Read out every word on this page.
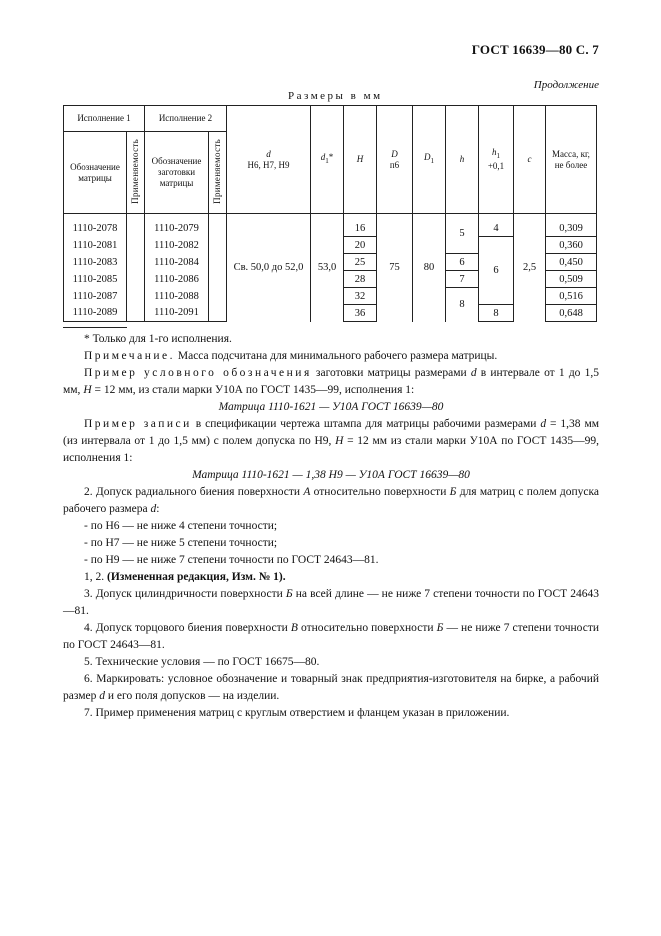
ГОСТ 16639—80 С. 7
Продолжение
Размеры в мм
Исполнение 1		Исполнение 2		d
Н6, Н7, Н9	$d_1*$	Н	D
п6	$D_1$	h	$h_1$
+0,1	с	Масса, кг, не более
Обозначение матрицы	Применяемость	Обозначение заготовки матрицы	Применяемость									
1110-2078		1110-2079		Св. 50,0 до 52,0	53,0	16	75	80	5	4	2,5	0,309
1110-2081		1110-2082				20				6		0,360
1110-2083		1110-2084				25			6			0,450
1110-2085		1110-2086				28			7			0,509
1110-2087		1110-2088				32			8			0,516
1110-2089		1110-2091				36				8		0,648

* Только для 1-го исполнения.

Примечание. Масса подсчитана для минимального рабочего размера матрицы.

Пример условного обозначения заготовки матрицы размерами d в интервале от 1 до 1,5 мм, Н = 12 мм, из стали марки У10А по ГОСТ 1435—99, исполнения 1:

Матрица 1110-1621 — У10А ГОСТ 16639—80

Пример записи в спецификации чертежа штампа для матрицы рабочими размерами d = 1,38 мм (из интервала от 1 до 1,5 мм) с полем допуска по Н9, Н = 12 мм из стали марки У10А по ГОСТ 1435—99, исполнения 1:

Матрица 1110-1621 — 1,38 Н9 — У10А ГОСТ 16639—80

2. Допуск радиального биения поверхности А относительно поверхности Б для матриц с полем допуска рабочего размера d:

- по Н6 — не ниже 4 степени точности;

- по Н7 — не ниже 5 степени точности;

- по Н9 — не ниже 7 степени точности по ГОСТ 24643—81.

1, 2. (Измененная редакция, Изм. № 1).

3. Допуск цилиндричности поверхности Б на всей длине — не ниже 7 степени точности по ГОСТ 24643—81.

4. Допуск торцового биения поверхности В относительно поверхности Б — не ниже 7 степени точности по ГОСТ 24643—81.

5. Технические условия — по ГОСТ 16675—80.

6. Маркировать: условное обозначение и товарный знак предприятия-изготовителя на бирке, а рабочий размер d и его поля допусков — на изделии.

7. Пример применения матриц с круглым отверстием и фланцем указан в приложении.
